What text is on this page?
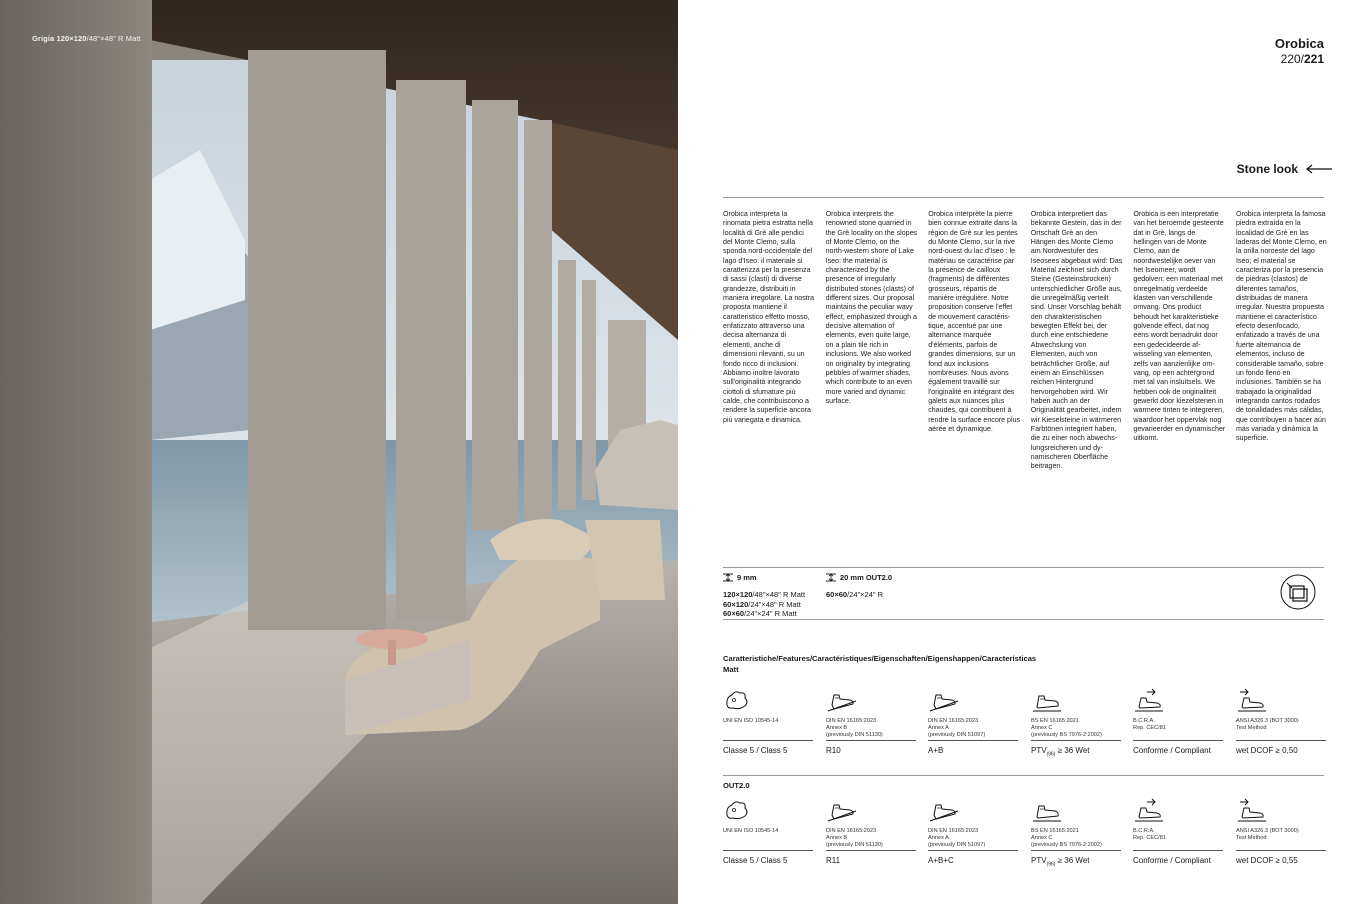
Grigia 120×120/48"×48" R Matt	Orobica
220/221
Stone look
Orobica interpreta la rinomata pietra estratta nella località di Grè alle pendici del Monte Clemo, sulla sponda nord-occidentale del lago d'Iseo: il materiale si caratterizza per la presenza di sassi (clasti) di diverse grandezze, distribuiti in maniera irregolare. La nostra proposta mantiene il caratteristico effetto mosso, enfatizzato attraverso una decisa alternanza di elementi, anche di dimensioni rilevanti, su un fondo ricco di inclusioni. Abbiamo inoltre lavorato sull'originalità integrando ciottoli di sfumature più calde, che contribuiscono a rendere la superficie ancora più variegata e dinamica.
Orobica interprets the renowned stone quarried in the Grè locality on the slopes of Monte Clemo, on the north-western shore of Lake Iseo: the material is characterized by the presence of irregularly distributed stones (clasts) of different sizes. Our proposal maintains the peculiar wavy effect, emphasized through a decisive alternation of elements, even quite large, on a plain tile rich in inclusions. We also worked on originality by integrating pebbles of warmer shades, which contribute to an even more varied and dynamic surface.
Orobica interprète la pierre bien connue extraite dans la région de Grè sur les pentes du Monte Clemo, sur la rive nord-ouest du lac d'Iseo : le matériau se caractérise par la présence de cailloux (fragments) de différentes grosseurs, répartis de manière irrégulière. Notre proposition conserve l'effet de mouvement caractéristique, accentué par une alternance marquée d'éléments, parfois de grandes dimensions, sur un fond aux inclusions nombreuses. Nous avons également travaillé sur l'originalité en intégrant des galets aux nuances plus chaudes, qui contribuent à rendre la surface encore plus aérée et dynamique.
Orobica interpretiert das bekannte Gestein, das in der Ortschaft Grè an den Hängen des Monte Clemo am Nordwestufer des Iseosees abgebaut wird: Das Material zeichnet sich durch Steine (Gesteinsbrocken) unterschiedlicher Größe aus, die unregelmäßig verteilt sind. Unser Vorschlag behält den charakteristischen bewegten Effekt bei, der durch eine entschiedene Abwechslung von Elementen, auch von beträchtlicher Größe, auf einem an Einschlüssen reichen Hintergrund hervorgehoben wird. Wir haben auch an der Originalität gearbeitet, indem wir Kieselsteine in wärmeren Farbtönen integriert haben, die zu einer noch abwechslungsreicheren und dynamischeren Oberfläche beitragen.
Orobica is een interpretatie van het beroemde gesteente dat in Grè, langs de hellingen van de Monte Clemo, aan de noordwestelijke oever van het Iseomeer, wordt gedolven: een materiaal met onregelmatig verdeelde klasten van verschillende omvang. Ons product behoudt het karakteristieke golvende effect, dat nog eens wordt benadrukt door een gedecideerde afwisseling van elementen, zelfs van aanzienlijke omvang, op een achtergrond met tal van insluitsels. We hebben ook de originaliteit gewerkt door kiezelstenen in warmere tinten te integreren, waardoor het oppervlak nog gevarieerder en dynamischer uitkomt.
Orobica interpreta la famosa piedra extraída en la localidad de Grè en las laderas del Monte Clemo, en la orilla noroeste del lago Iseo; el material se caracteriza por la presencia de piedras (clastos) de diferentes tamaños, distribuidas de manera irregular. Nuestra propuesta mantiene el característico efecto desenfocado, enfatizado a través de una fuerte alternancia de elementos, incluso de considerable tamaño, sobre un fondo lleno en inclusiones. También se ha trabajado la originalidad integrando cantos rodados de tonalidades más cálidas, que contribuyen a hacer aún más variada y dinámica la superficie.
9 mm
120×120/48"×48" R Matt
60×120/24"×48" R Matt
60×60/24"×24" R Matt
20 mm OUT2.0
60×60/24"×24" R
Caratteristiche/Features/Caractéristiques/Eigenschaften/Eigenshappen/Características
Matt
OUT2.0
UNI EN ISO 10545-14
Classe 5 / Class 5
DIN EN 16165:2023
Annex B
(previously DIN 51130)
R10
DIN EN 16165:2023
Annex A
(previously DIN 51097)
A+B
BS EN 16165:2021
Annex C
(previously BS 7976-2:2002)
$PTV_{(96)} \ge 36$ Wet
B.C.R.A.
Rep. CEC/81
Conforme / Compliant
ANSI A326.3 (BOT 3000)
Test Method
wet DCOF ≥ 0,50
UNI EN ISO 10545-14
Classe 5 / Class 5
DIN EN 16165:2023
Annex B
(previously DIN 51130)
R11
DIN EN 16165:2023
Annex A
(previously DIN 51097)
A+B+C
BS EN 16165:2021
Annex C
(previously BS 7976-2:2002)
$PTV_{(96)} \ge 36$ Wet
B.C.R.A.
Rep. CEC/81
Conforme / Compliant
ANSI A326.3 (BOT 3000)
Test Method
wet DCOF ≥ 0,55
